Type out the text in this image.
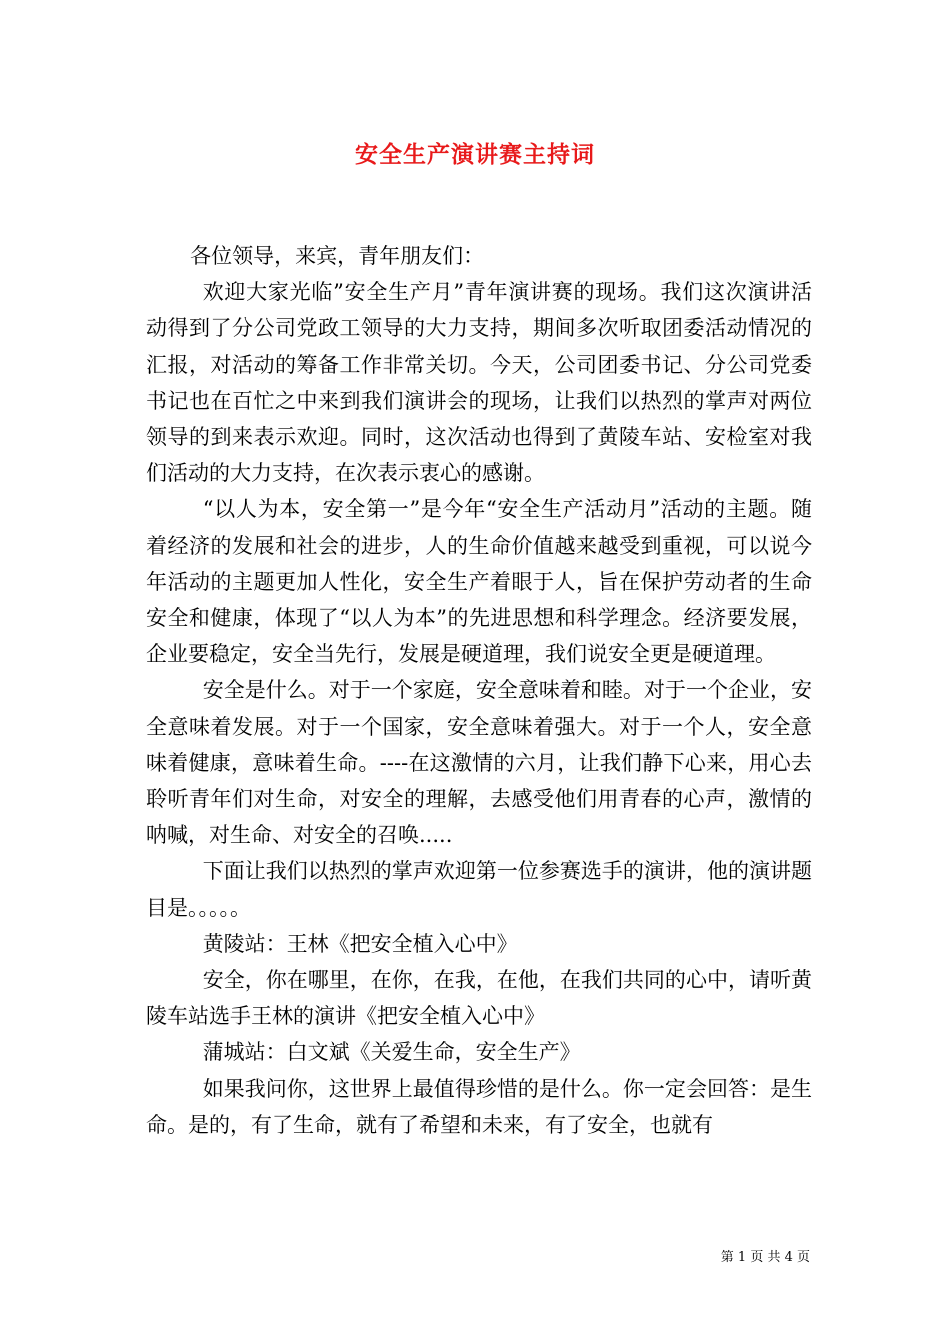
安全生产演讲赛主持词

各位领导，来宾，青年朋友们：

欢迎大家光临”安全生产月”青年演讲赛的现场。我们这次演讲活动得到了分公司党政工领导的大力支持，期间多次听取团委活动情况的汇报，对活动的筹备工作非常关切。今天，公司团委书记、分公司党委书记也在百忙之中来到我们演讲会的现场，让我们以热烈的掌声对两位领导的到来表示欢迎。同时，这次活动也得到了黄陵车站、安检室对我们活动的大力支持，在次表示衷心的感谢。

“以人为本，安全第一”是今年“安全生产活动月”活动的主题。随着经济的发展和社会的进步，人的生命价值越来越受到重视，可以说今年活动的主题更加人性化，安全生产着眼于人，旨在保护劳动者的生命安全和健康，体现了“以人为本”的先进思想和科学理念。经济要发展，企业要稳定，安全当先行，发展是硬道理，我们说安全更是硬道理。

安全是什么。对于一个家庭，安全意味着和睦。对于一个企业，安全意味着发展。对于一个国家，安全意味着强大。对于一个人，安全意味着健康，意味着生命。----在这激情的六月，让我们静下心来，用心去聆听青年们对生命，对安全的理解，去感受他们用青春的心声，激情的呐喊，对生命、对安全的召唤.....

下面让我们以热烈的掌声欢迎第一位参赛选手的演讲，他的演讲题目是。。。。。

黄陵站：王林《把安全植入心中》

安全，你在哪里，在你，在我，在他，在我们共同的心中，请听黄陵车站选手王林的演讲《把安全植入心中》

蒲城站：白文斌《关爱生命，安全生产》

如果我问你，这世界上最值得珍惜的是什么。你一定会回答：是生命。是的，有了生命，就有了希望和未来，有了安全，也就有

第 1 页 共 4 页
